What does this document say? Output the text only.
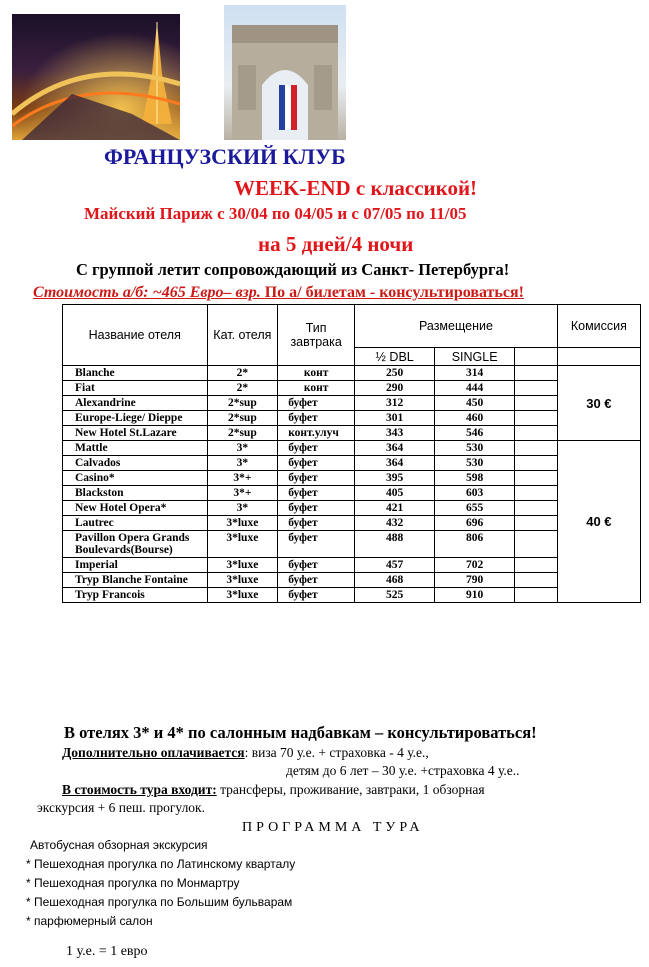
ФРАНЦУЗСКИЙ КЛУБ
WEEK-END с классикой!
Майский Париж с 30/04 по 04/05 и с 07/05 по 11/05
на 5 дней/4 ночи
С группой летит сопровождающий из Санкт- Петербурга!
Стоимость а/б: ~465 Евро– взр. По а/ билетам - консультироваться!
Название отеля	Кат. отеля	Тип завтрака	Размещение			Комиссия
			½ DBL	SINGLE		
Blanche	2*	конт	250	314		30 €
Fiat	2*	конт	290	444		
Alexandrine	2*sup	буфет	312	450		
Europe-Liege/ Dieppe	2*sup	буфет	301	460		
New Hotel St.Lazare	2*sup	конт.улуч	343	546		
Mattle	3*	буфет	364	530		40 €
Calvados	3*	буфет	364	530		
Casino*	3*+	буфет	395	598		
Blackston	3*+	буфет	405	603		
New Hotel Opera*	3*	буфет	421	655		
Lautrec	3*luxe	буфет	432	696		
Pavillon Opera Grands Boulevards(Bourse)	3*luxe	буфет	488	806		
Imperial	3*luxe	буфет	457	702		
Tryp Blanche Fontaine	3*luxe	буфет	468	790		
Tryp Francois	3*luxe	буфет	525	910		
В отелях 3* и 4* по салонным надбавкам – консультироваться!
Дополнительно оплачивается: виза 70 у.е. + страховка - 4 у.е.,
детям до 6 лет – 30 у.е. +страховка 4 у.е..
В стоимость тура входит: трансферы, проживание, завтраки, 1 обзорная
экскурсия + 6 пеш. прогулок.
ПРОГРАММА ТУРА
Автобусная обзорная экскурсия
* Пешеходная прогулка по Латинскому кварталу
* Пешеходная прогулка по Монмартру
* Пешеходная прогулка по Большим бульварам
* парфюмерный салон
1 у.е. = 1 евро
